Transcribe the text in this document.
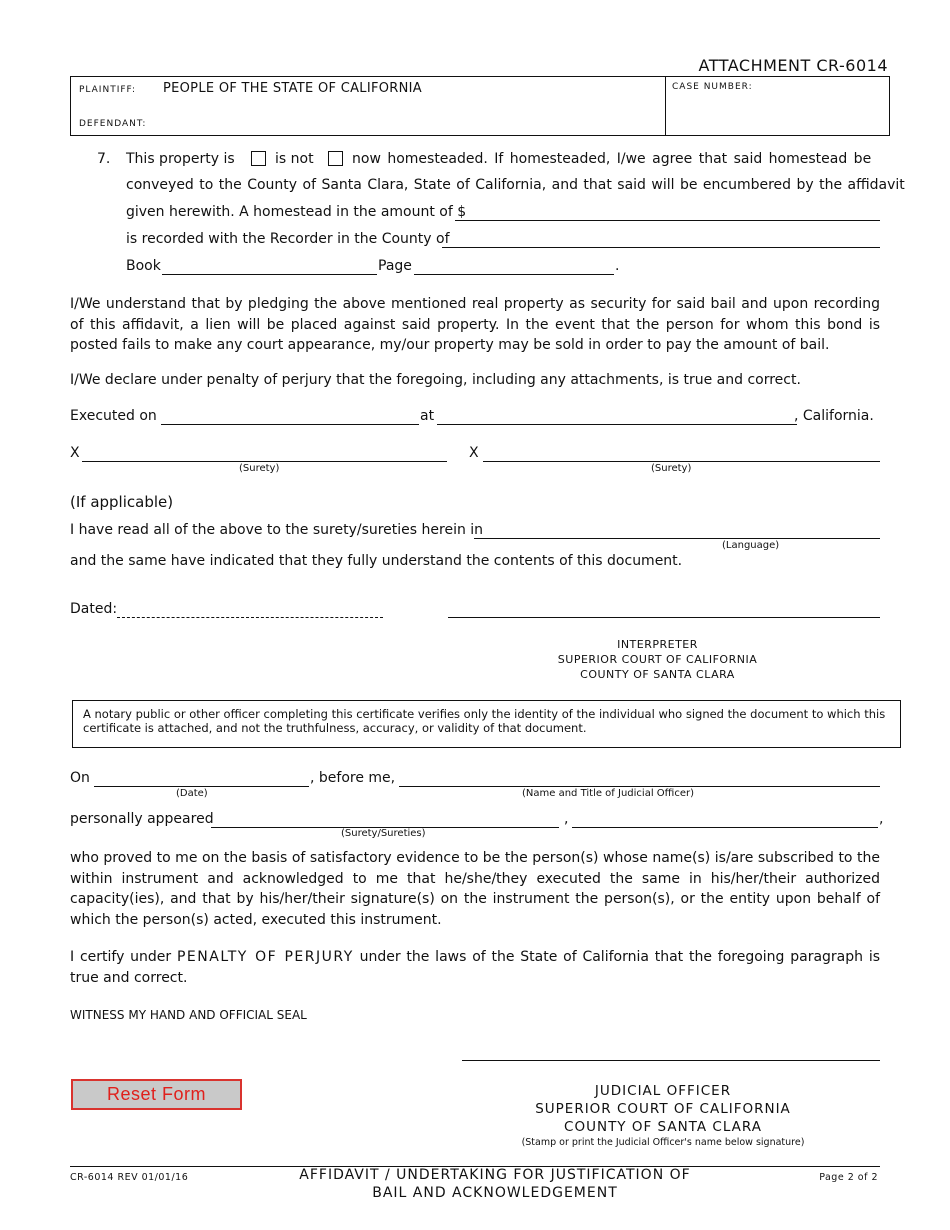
ATTACHMENT CR-6014
PLAINTIFF: PEOPLE OF THE STATE OF CALIFORNIA
DEFENDANT:
CASE NUMBER:
7. This property is	is not	now homesteaded. If homesteaded, I/we agree that said homestead be
conveyed to the County of Santa Clara, State of California, and that said will be encumbered by the affidavit
given herewith. A homestead in the amount of $
is recorded with the Recorder in the County of
Book	Page	.
I/We understand that by pledging the above mentioned real property as security for said bail and upon recording of this affidavit, a lien will be placed against said property. In the event that the person for whom this bond is posted fails to make any court appearance, my/our property may be sold in order to pay the amount of bail.
I/We declare under penalty of perjury that the foregoing, including any attachments, is true and correct.
Executed on	at	, California.
X
(Surety)
X
(Surety)
(If applicable)
I have read all of the above to the surety/sureties herein in
(Language)
and the same have indicated that they fully understand the contents of this document.
Dated:
INTERPRETER
SUPERIOR COURT OF CALIFORNIA
COUNTY OF SANTA CLARA
A notary public or other officer completing this certificate verifies only the identity of the individual who signed the document to which this certificate is attached, and not the truthfulness, accuracy, or validity of that document.
On
(Date)
, before me,
(Name and Title of Judicial Officer)
personally appeared	,	,
(Surety/Sureties)
who proved to me on the basis of satisfactory evidence to be the person(s) whose name(s) is/are subscribed to the within instrument and acknowledged to me that he/she/they executed the same in his/her/their authorized capacity(ies), and that by his/her/their signature(s) on the instrument the person(s), or the entity upon behalf of which the person(s) acted, executed this instrument.
I certify under PENALTY OF PERJURY under the laws of the State of California that the foregoing paragraph is true and correct.
WITNESS MY HAND AND OFFICIAL SEAL
JUDICIAL OFFICER
SUPERIOR COURT OF CALIFORNIA
COUNTY OF SANTA CLARA
(Stamp or print the Judicial Officer's name below signature)
Reset Form
CR-6014 REV 01/01/16	AFFIDAVIT / UNDERTAKING FOR JUSTIFICATION OF
BAIL AND ACKNOWLEDGEMENT
Page 2 of 2
